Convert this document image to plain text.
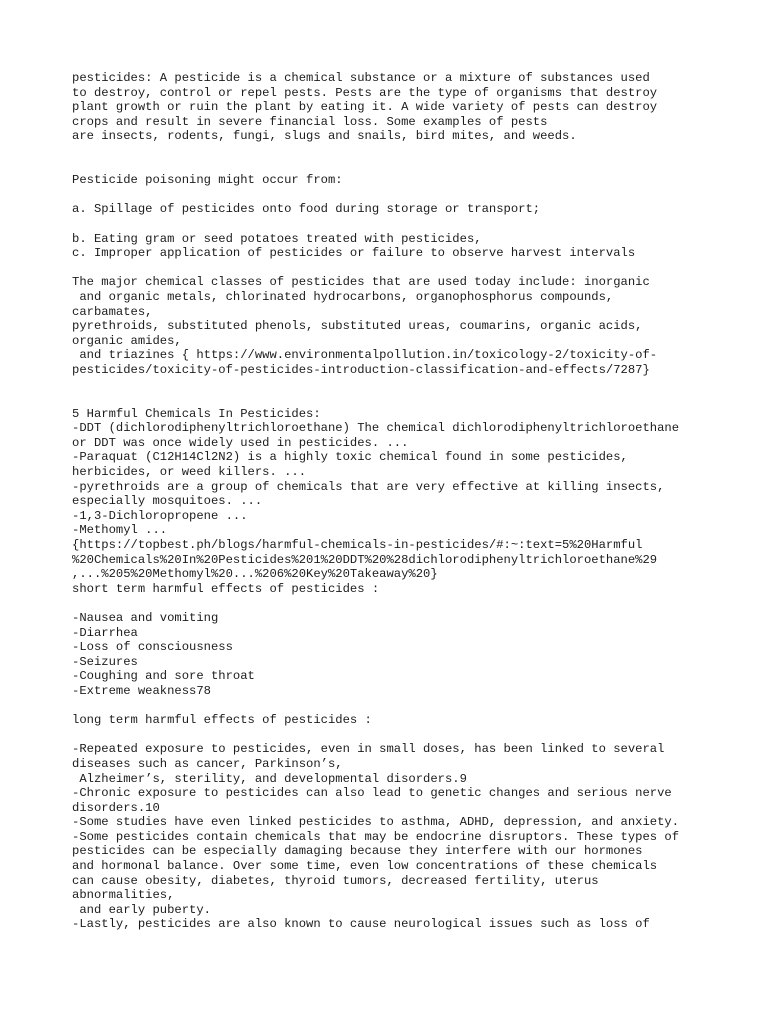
pesticides: A pesticide is a chemical substance or a mixture of substances used
to destroy, control or repel pests. Pests are the type of organisms that destroy
plant growth or ruin the plant by eating it. A wide variety of pests can destroy
crops and result in severe financial loss. Some examples of pests
are insects, rodents, fungi, slugs and snails, bird mites, and weeds.
Pesticide poisoning might occur from:
a. Spillage of pesticides onto food during storage or transport;
b. Eating gram or seed potatoes treated with pesticides,
c. Improper application of pesticides or failure to observe harvest intervals
The major chemical classes of pesticides that are used today include: inorganic
and organic metals, chlorinated hydrocarbons, organophosphorus compounds,
carbamates,
pyrethroids, substituted phenols, substituted ureas, coumarins, organic acids,
organic amides,
and triazines { https://www.environmentalpollution.in/toxicology-2/toxicity-of-
pesticides/toxicity-of-pesticides-introduction-classification-and-effects/7287}
5 Harmful Chemicals In Pesticides:
-DDT (dichlorodiphenyltrichloroethane) The chemical dichlorodiphenyltrichloroethane
or DDT was once widely used in pesticides. ...
-Paraquat (C12H14Cl2N2) is a highly toxic chemical found in some pesticides,
herbicides, or weed killers. ...
-pyrethroids are a group of chemicals that are very effective at killing insects,
especially mosquitoes. ...
-1,3-Dichloropropene ...
-Methomyl ...
{https://topbest.ph/blogs/harmful-chemicals-in-pesticides/#:~:text=5%20Harmful
%20Chemicals%20In%20Pesticides%201%20DDT%20%28dichlorodiphenyltrichloroethane%29
,...%205%20Methomyl%20...%206%20Key%20Takeaway%20}
short term harmful effects of pesticides :
-Nausea and vomiting
-Diarrhea
-Loss of consciousness
-Seizures
-Coughing and sore throat
-Extreme weakness78
long term harmful effects of pesticides :
-Repeated exposure to pesticides, even in small doses, has been linked to several
diseases such as cancer, Parkinson’s,
Alzheimer’s, sterility, and developmental disorders.9
-Chronic exposure to pesticides can also lead to genetic changes and serious nerve
disorders.10
-Some studies have even linked pesticides to asthma, ADHD, depression, and anxiety.
-Some pesticides contain chemicals that may be endocrine disruptors. These types of
pesticides can be especially damaging because they interfere with our hormones
and hormonal balance. Over some time, even low concentrations of these chemicals
can cause obesity, diabetes, thyroid tumors, decreased fertility, uterus
abnormalities,
and early puberty.
-Lastly, pesticides are also known to cause neurological issues such as loss of
